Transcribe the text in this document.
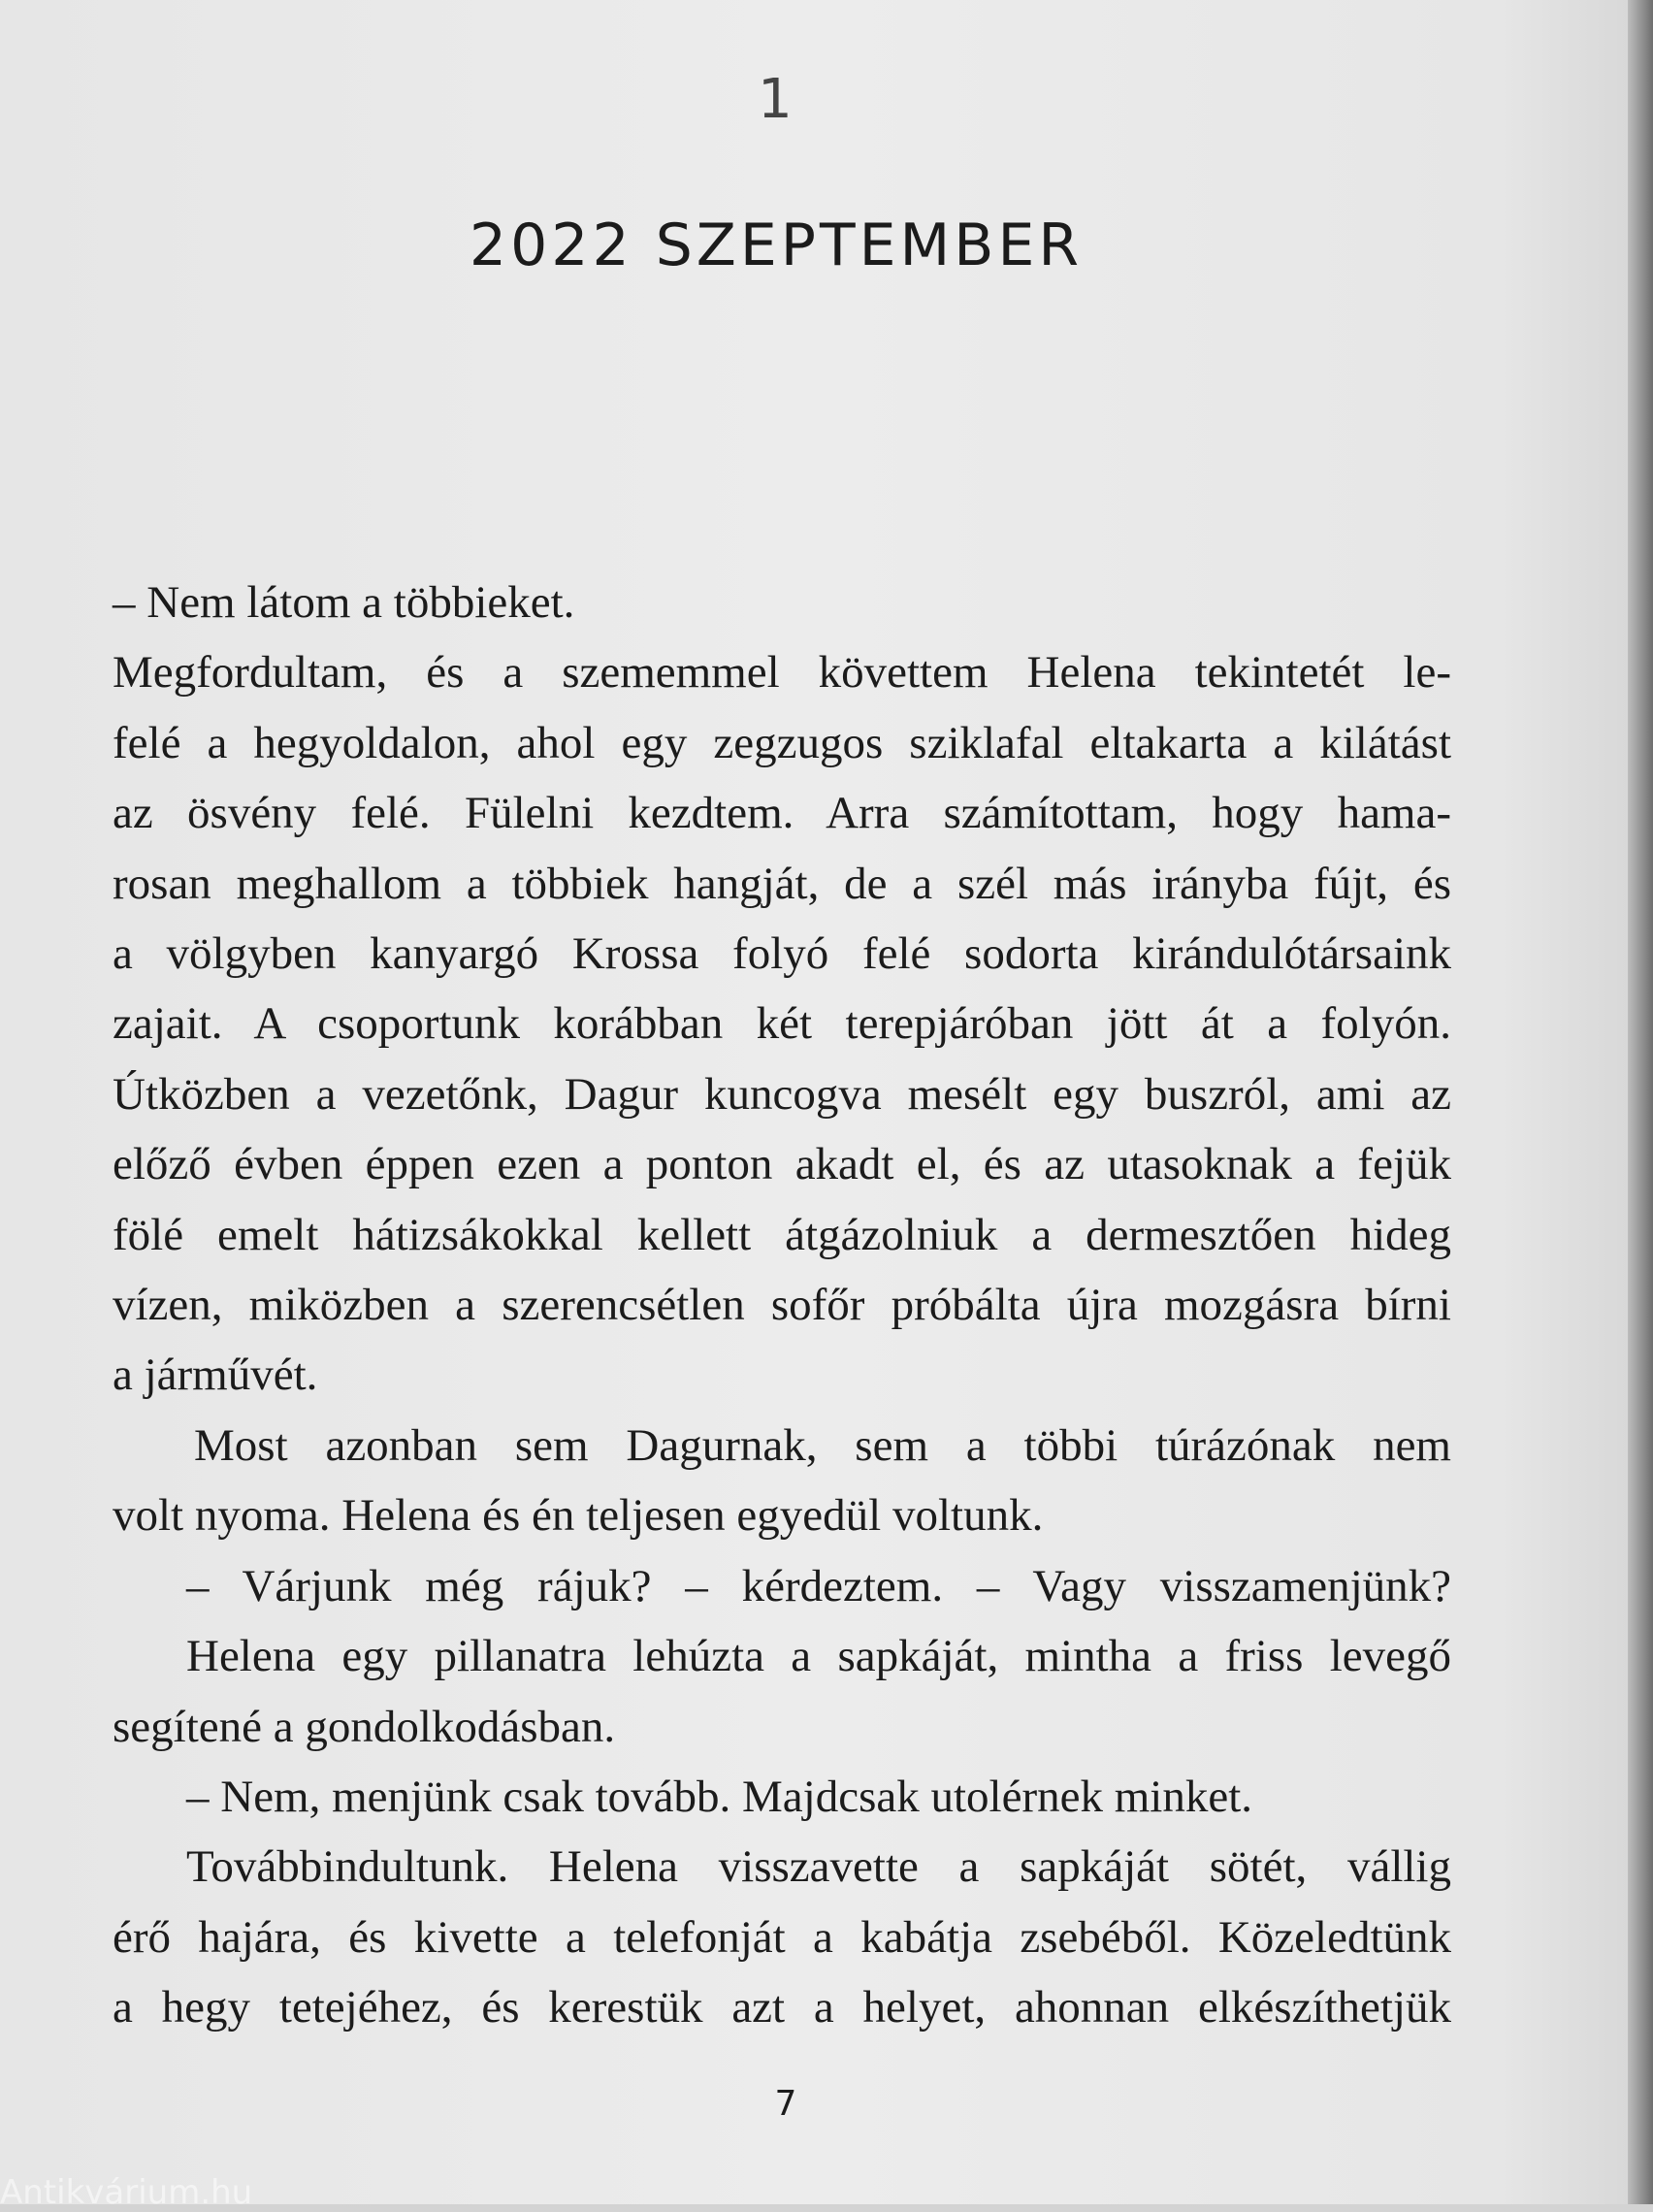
1
2022 SZEPTEMBER
– Nem látom a többieket.
Megfordultam, és a szememmel követtem Helena tekintetét le-
felé a hegyoldalon, ahol egy zegzugos sziklafal eltakarta a kilátást
az ösvény felé. Fülelni kezdtem. Arra számítottam, hogy hama-
rosan meghallom a többiek hangját, de a szél más irányba fújt, és
a völgyben kanyargó Krossa folyó felé sodorta kirándulótársaink
zajait. A csoportunk korábban két terepjáróban jött át a folyón.
Útközben a vezetőnk, Dagur kuncogva mesélt egy buszról, ami az
előző évben éppen ezen a ponton akadt el, és az utasoknak a fejük
fölé emelt hátizsákokkal kellett átgázolniuk a dermesztően hideg
vízen, miközben a szerencsétlen sofőr próbálta újra mozgásra bírni
a járművét.
Most azonban sem Dagurnak, sem a többi túrázónak nem
volt nyoma. Helena és én teljesen egyedül voltunk.
– Várjunk még rájuk? – kérdeztem. – Vagy visszamenjünk?
Helena egy pillanatra lehúzta a sapkáját, mintha a friss levegő
segítené a gondolkodásban.
– Nem, menjünk csak tovább. Majdcsak utolérnek minket.
Továbbindultunk. Helena visszavette a sapkáját sötét, vállig
érő hajára, és kivette a telefonját a kabátja zsebéből. Közeledtünk
a hegy tetejéhez, és kerestük azt a helyet, ahonnan elkészíthetjük
7
Antikvárium.hu
